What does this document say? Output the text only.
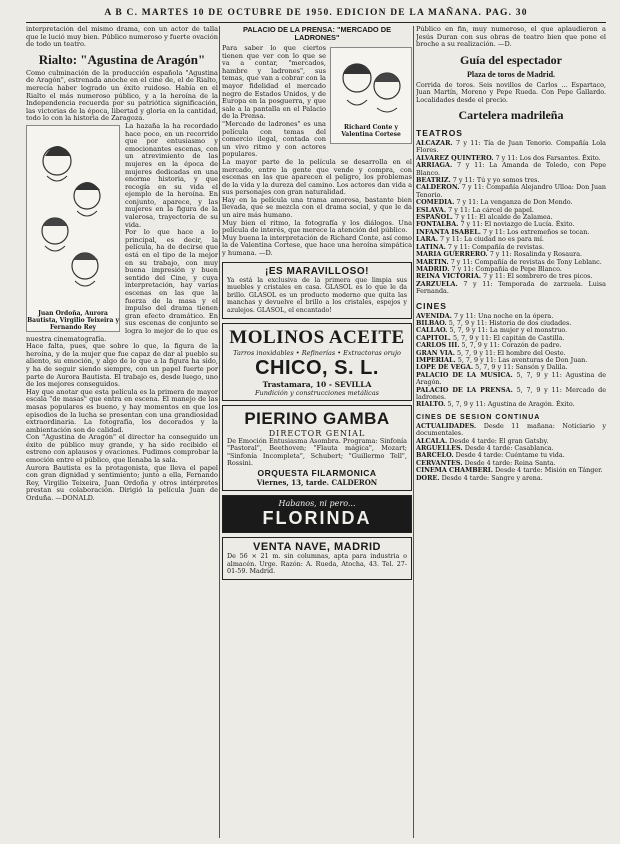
A B C. MARTES 10 DE OCTUBRE DE 1950. EDICION DE LA MAÑANA. PAG. 30

interpretación del mismo drama, con un actor de talla que le lució muy bien. Público numeroso y fuerte ovación de todo un teatro.

Rialto: "Agustina de Aragón"

Como culminación de la producción española "Agustina de Aragón", estrenada anoche en el cine de, el de Rialto, merecía haber logrado un éxito ruidoso. Había en el Rialto el más numeroso público, y a la heroína de la Independencia recuerda por su patriótica significación, las victorias de la época, libertad y gloria en la cantidad, todo lo con la historia de Zaragoza.

Juan Ordoña, Aurora Bautista, Virgilio Teixeira y Fernando Rey

La hazaña la ha recordado hace poco, en un recorrido que por entusiasmo y emocionantes escenas, con un atrevimiento de las mujeres en la época de mujeres dedicadas en una enorme historia, y que recogía en su vida el ejemplo de la heroína. En conjunto, aparece, y las mujeres en la figura de la valerosa, trayectoria de su vida.

Por lo que hace a lo principal, es decir, la película, ha de decirse que está en el tipo de la mejor en su trabajo, con muy buena impresión y buen sentido del Cine, y cuya interpretación, hay varias escenas en las que la fuerza de la masa y el impulso del drama tienen gran efecto dramático. En sus escenas de conjunto se logra lo mejor de lo que es nuestra cinematografía.

Hace falta, pues, que sobre lo que, la figura de la heroína, y de la mujer que fue capaz de dar al pueblo su aliento, su emoción, y algo de lo que a la figura ha sido, y ha de seguir siendo siempre, con un papel fuerte por parte de Aurora Bautista. El trabajo es, desde luego, uno de los mejores conseguidos.

Hay que anotar que esta película es la primera de mayor escala "de masas" que entra en escena. El manejo de las masas populares es bueno, y hay momentos en que los episodios de la lucha se presentan con una grandiosidad extraordinaria. La fotografía, los decorados y la ambientación son de calidad.

Con "Agustina de Aragón" el director ha conseguido un éxito de público muy grande, y ha sido recibido el estreno con aplausos y ovaciones. Pudimos comprobar la emoción entre el público, que llenaba la sala.

Aurora Bautista es la protagonista, que lleva el papel con gran dignidad y sentimiento; junto a ella, Fernando Rey, Virgilio Teixeira, Juan Ordoña y otros intérpretes prestan su colaboración. Dirigió la película Juan de Orduña. —DONALD.

PALACIO DE LA PRENSA: "MERCADO DE LADRONES"
Richard Conte y Valentina Cortese

Para saber lo que ciertos tienen que ver con lo que se va a contar, "mercados, hambre y ladrones", sus temas, que van a cobrar con la mayor fidelidad el mercado negro de Estados Unidos, y de Europa en la posguerra, y que sale a la pantalla en el Palacio de la Prensa.

"Mercado de ladrones" es una película con temas del comercio ilegal, contada con un vivo ritmo y con actores populares.

La mayor parte de la película se desarrolla en el mercado, entre la gente que vende y compra, con escenas en las que aparecen el peligro, los problemas de la vida y la dureza del camino. Los actores dan vida a sus personajes con gran naturalidad.

Hay en la película una trama amorosa, bastante bien llevada, que se mezcla con el drama social, y que le da un aire más humano.

Muy bien el ritmo, la fotografía y los diálogos. Una película de interés, que merece la atención del público.

Muy buena la interpretación de Richard Conte, así como la de Valentina Cortese, que hace una heroína simpática y humana. —D.

¡ES MARAVILLOSO!

Ya está la exclusiva de la primera que limpia sus muebles y cristales en casa. GLASOL es lo que le da brillo. GLASOL es un producto moderno que quita las manchas y devuelve el brillo a los cristales, espejos y azulejos. GLASOL, el encantado!

MOLINOS ACEITE
Tarros inoxidables • Refinerías • Extractoras orujo
CHICO, S. L.
Trastamara, 10 - SEVILLA
Fundición y construcciones metálicas
PIERINO GAMBA
DIRECTOR GENIAL

De Emoción Entusiasma Asombra. Programa: Sinfonía "Pastoral", Beethoven; "Flauta mágica", Mozart; "Sinfonía Incompleta", Schubert; "Guillermo Tell", Rossini.

ORQUESTA FILARMONICA
Viernes, 13, tarde. CALDERON
Habanos, ni pero...
FLORINDA
VENTA NAVE, MADRID

De 56 × 21 m. sin columnas, apta para industria o almacén. Urge. Razón: A. Rueda, Atocha, 43. Tel. 27-01-59. Madrid.

Público en fin, muy numeroso, el que aplaudieron a Jesús Duran con sus obras de teatro bien que pone el broche a su realización. —D.

Guía del espectador
Plaza de toros de Madrid.

Corrida de toros. Seis novillos de Carlos ... Espartaco, Juan Martín, Moreno y Pepe Rueda. Con Pepe Gallardo. Localidades desde el precio.

Cartelera madrileña
TEATROS

ALCAZAR. 7 y 11: Tía de Juan Tenorio. Compañía Lola Flores.

ALVAREZ QUINTERO. 7 y 11: Los dos Farsantes. Éxito.

ARRIAGA. 7 y 11: La Amanda de Toledo, con Pepe Blanco.

BEATRIZ. 7 y 11: Tú y yo somos tres.

CALDERON. 7 y 11: Compañía Alejandro Ulloa: Don Juan Tenorio.

COMEDIA. 7 y 11: La venganza de Don Mendo.

ESLAVA. 7 y 11: La cárcel de papel.

ESPAÑOL. 7 y 11: El alcalde de Zalamea.

FONTALBA. 7 y 11: El noviazgo de Lucía. Éxito.

INFANTA ISABEL. 7 y 11: Los extremeños se tocan.

LARA. 7 y 11: La ciudad no es para mí.

LATINA. 7 y 11: Compañía de revistas.

MARIA GUERRERO. 7 y 11: Rosalinda y Rosaura.

MARTIN. 7 y 11: Compañía de revistas de Tony Leblanc.

MADRID. 7 y 11: Compañía de Pepe Blanco.

REINA VICTORIA. 7 y 11: El sombrero de tres picos.

ZARZUELA. 7 y 11: Temporada de zarzuela. Luisa Fernanda.

CINES

AVENIDA. 7 y 11: Una noche en la ópera.

BILBAO. 5, 7, 9 y 11: Historia de dos ciudades.

CALLAO. 5, 7, 9 y 11: La mujer y el monstruo.

CAPITOL. 5, 7, 9 y 11: El capitán de Castilla.

CARLOS III. 5, 7, 9 y 11: Corazón de padre.

GRAN VIA. 5, 7, 9 y 11: El hombre del Oeste.

IMPERIAL. 5, 7, 9 y 11: Las aventuras de Don Juan.

LOPE DE VEGA. 5, 7, 9 y 11: Sansón y Dalila.

PALACIO DE LA MUSICA. 5, 7, 9 y 11: Agustina de Aragón.

PALACIO DE LA PRENSA. 5, 7, 9 y 11: Mercado de ladrones.

RIALTO. 5, 7, 9 y 11: Agustina de Aragón. Éxito.

CINES DE SESION CONTINUA

ACTUALIDADES. Desde 11 mañana: Noticiario y documentales.

ALCALA. Desde 4 tarde: El gran Gatsby.

ARGUELLES. Desde 4 tarde: Casablanca.

BARCELO. Desde 4 tarde: Cuéntame tu vida.

CERVANTES. Desde 4 tarde: Reina Santa.

CINEMA CHAMBERI. Desde 4 tarde: Misión en Tánger.

DORE. Desde 4 tarde: Sangre y arena.
